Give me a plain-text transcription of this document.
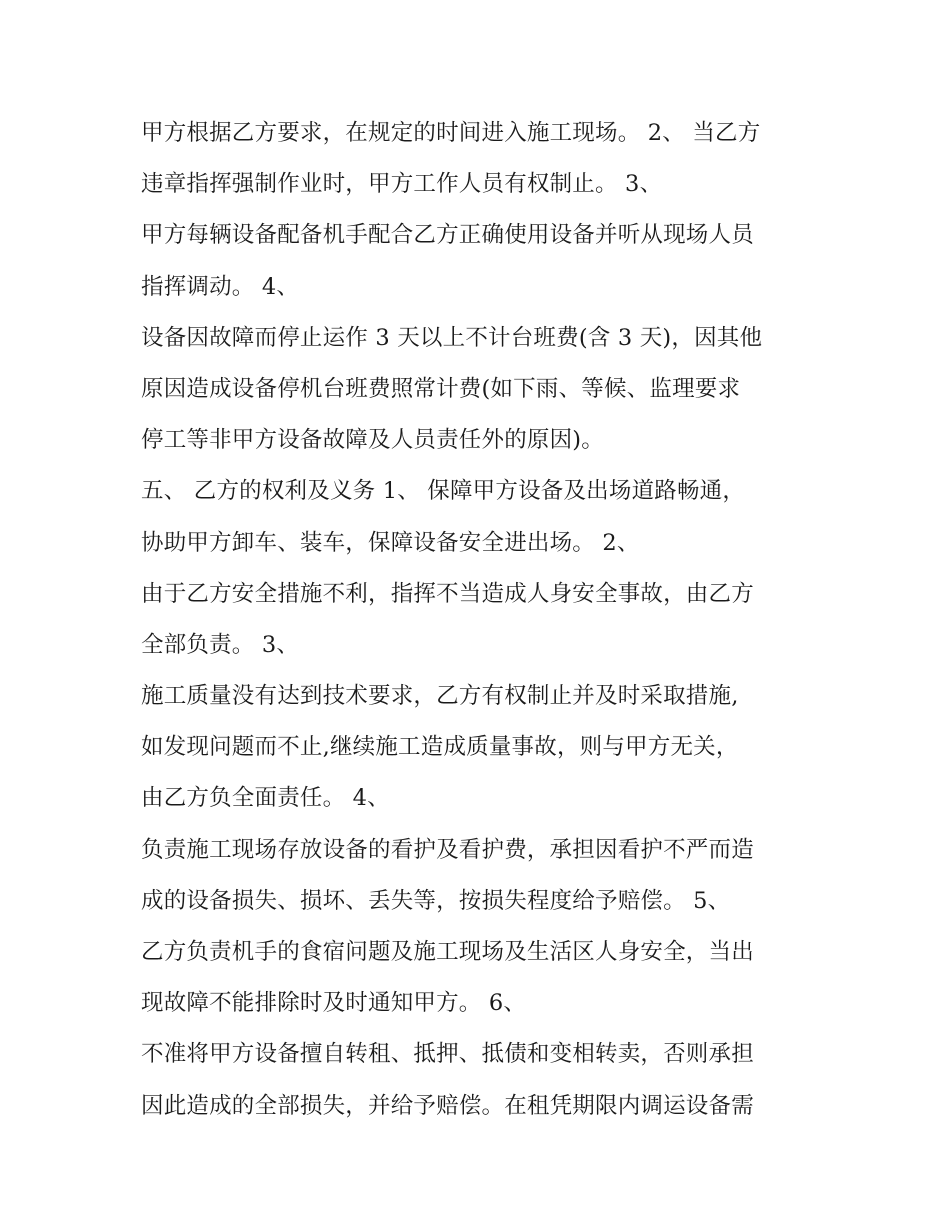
甲方根据乙方要求，在规定的时间进入施工现场。 2、 当乙方
违章指挥强制作业时，甲方工作人员有权制止。 3、
甲方每辆设备配备机手配合乙方正确使用设备并听从现场人员
指挥调动。 4、
设备因故障而停止运作 3 天以上不计台班费(含 3 天)，因其他
原因造成设备停机台班费照常计费(如下雨、等候、监理要求
停工等非甲方设备故障及人员责任外的原因)。
五、 乙方的权利及义务 1、 保障甲方设备及出场道路畅通，
协助甲方卸车、装车，保障设备安全进出场。 2、
由于乙方安全措施不利，指挥不当造成人身安全事故，由乙方
全部负责。 3、
施工质量没有达到技术要求，乙方有权制止并及时采取措施,
如发现问题而不止,继续施工造成质量事故，则与甲方无关，
由乙方负全面责任。 4、
负责施工现场存放设备的看护及看护费，承担因看护不严而造
成的设备损失、损坏、丢失等，按损失程度给予赔偿。 5、
乙方负责机手的食宿问题及施工现场及生活区人身安全，当出
现故障不能排除时及时通知甲方。 6、
不准将甲方设备擅自转租、抵押、抵债和变相转卖，否则承担
因此造成的全部损失，并给予赔偿。在租凭期限内调运设备需
